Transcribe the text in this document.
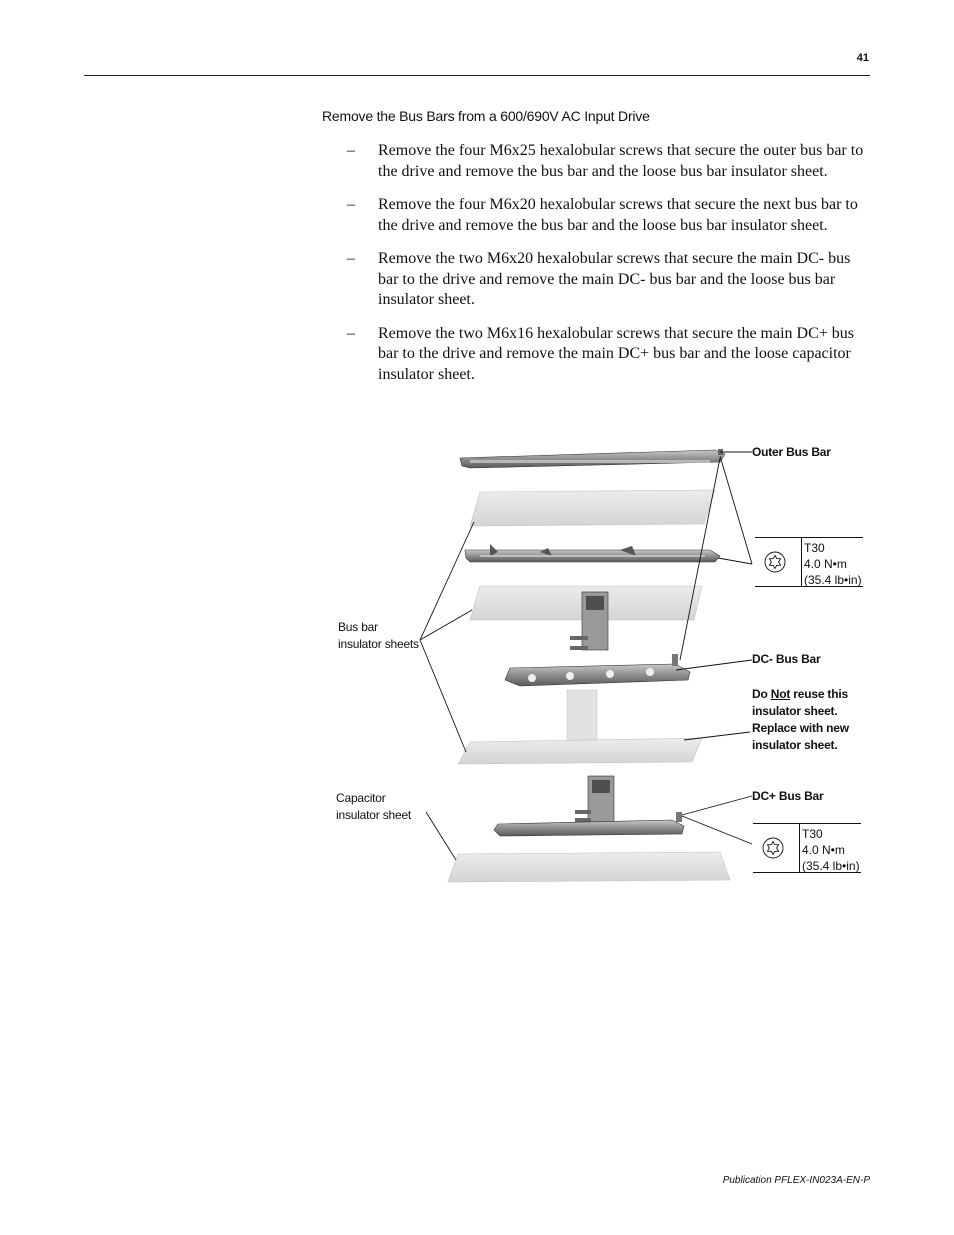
41
Remove the Bus Bars from a 600/690V AC Input Drive
–	Remove the four M6x25 hexalobular screws that secure the outer bus bar to the drive and remove the bus bar and the loose bus bar insulator sheet.
–	Remove the four M6x20 hexalobular screws that secure the next bus bar to the drive and remove the bus bar and the loose bus bar insulator sheet.
–	Remove the two M6x20 hexalobular screws that secure the main DC- bus bar to the drive and remove the main DC- bus bar and the loose bus bar insulator sheet.
–	Remove the two M6x16 hexalobular screws that secure the main DC+ bus bar to the drive and remove the main DC+ bus bar and the loose capacitor insulator sheet.
Outer Bus Bar
T30
4.0 N•m
(35.4 lb•in)
Bus bar
insulator sheets
DC- Bus Bar
Do Not reuse this
insulator sheet.
Replace with new
insulator sheet.
Capacitor
insulator sheet
DC+ Bus Bar
T30
4.0 N•m
(35.4 lb•in)
Publication PFLEX-IN023A-EN-P
